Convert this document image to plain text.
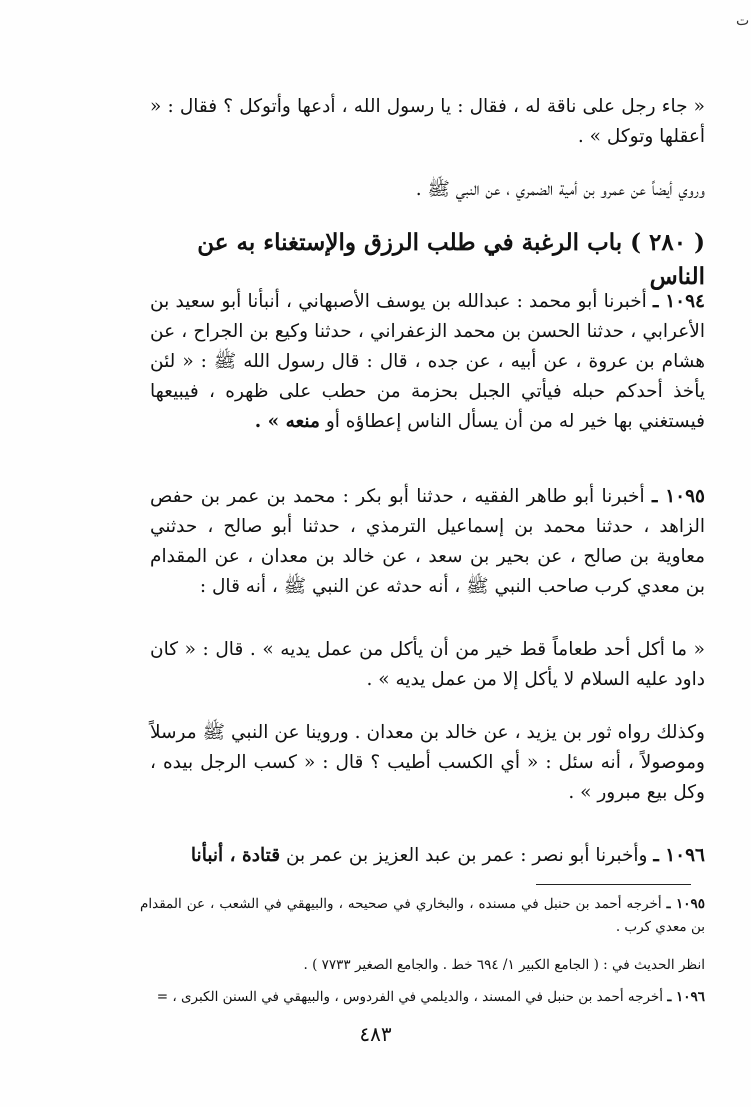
ﺕ

« جاء رجل على ناقة له ، فقال : يا رسول الله ، أدعها وأتوكل ؟ فقال : « أعقلها وتوكل » .

وروي أيضاً عن عمرو بن أمية الضمري ، عن النبي ﷺ .

( ٢٨٠ ) باب الرغبة في طلب الرزق والإستغناء به عن الناس

١٠٩٤ ـ أخبرنا أبو محمد : عبدالله بن يوسف الأصبهاني ، أنبأنا أبو سعيد بن الأعرابي ، حدثنا الحسن بن محمد الزعفراني ، حدثنا وكيع بن الجراح ، عن هشام بن عروة ، عن أبيه ، عن جده ، قال : قال رسول الله ﷺ : « لئن يأخذ أحدكم حبله فيأتي الجبل بحزمة من حطب على ظهره ، فيبيعها فيستغني بها خير له من أن يسأل الناس إعطاؤه أو منعه » .

١٠٩٥ ـ أخبرنا أبو طاهر الفقيه ، حدثنا أبو بكر : محمد بن عمر بن حفص الزاهد ، حدثنا محمد بن إسماعيل الترمذي ، حدثنا أبو صالح ، حدثني معاوية بن صالح ، عن بحير بن سعد ، عن خالد بن معدان ، عن المقدام بن معدي كرب صاحب النبي ﷺ ، أنه حدثه عن النبي ﷺ ، أنه قال :

« ما أكل أحد طعاماً قط خير من أن يأكل من عمل يديه » . قال : « كان داود عليه السلام لا يأكل إلا من عمل يديه » .

وكذلك رواه ثور بن يزيد ، عن خالد بن معدان . وروينا عن النبي ﷺ مرسلاً وموصولاً ، أنه سئل : « أي الكسب أطيب ؟ قال : « كسب الرجل بيده ، وكل بيع مبرور » .

١٠٩٦ ـ وأخبرنا أبو نصر : عمر بن عبد العزيز بن عمر بن قتادة ، أنبأنا

١٠٩٥ ـ أخرجه أحمد بن حنبل في مسنده ، والبخاري في صحيحه ، والبيهقي في الشعب ، عن المقدام بن معدي كرب .

انظر الحديث في : ( الجامع الكبير ١/ ٦٩٤ خط . والجامع الصغير ٧٧٣٣ ) .

١٠٩٦ ـ أخرجه أحمد بن حنبل في المسند ، والديلمي في الفردوس ، والبيهقي في السنن الكبرى ، =

٤٨٣
